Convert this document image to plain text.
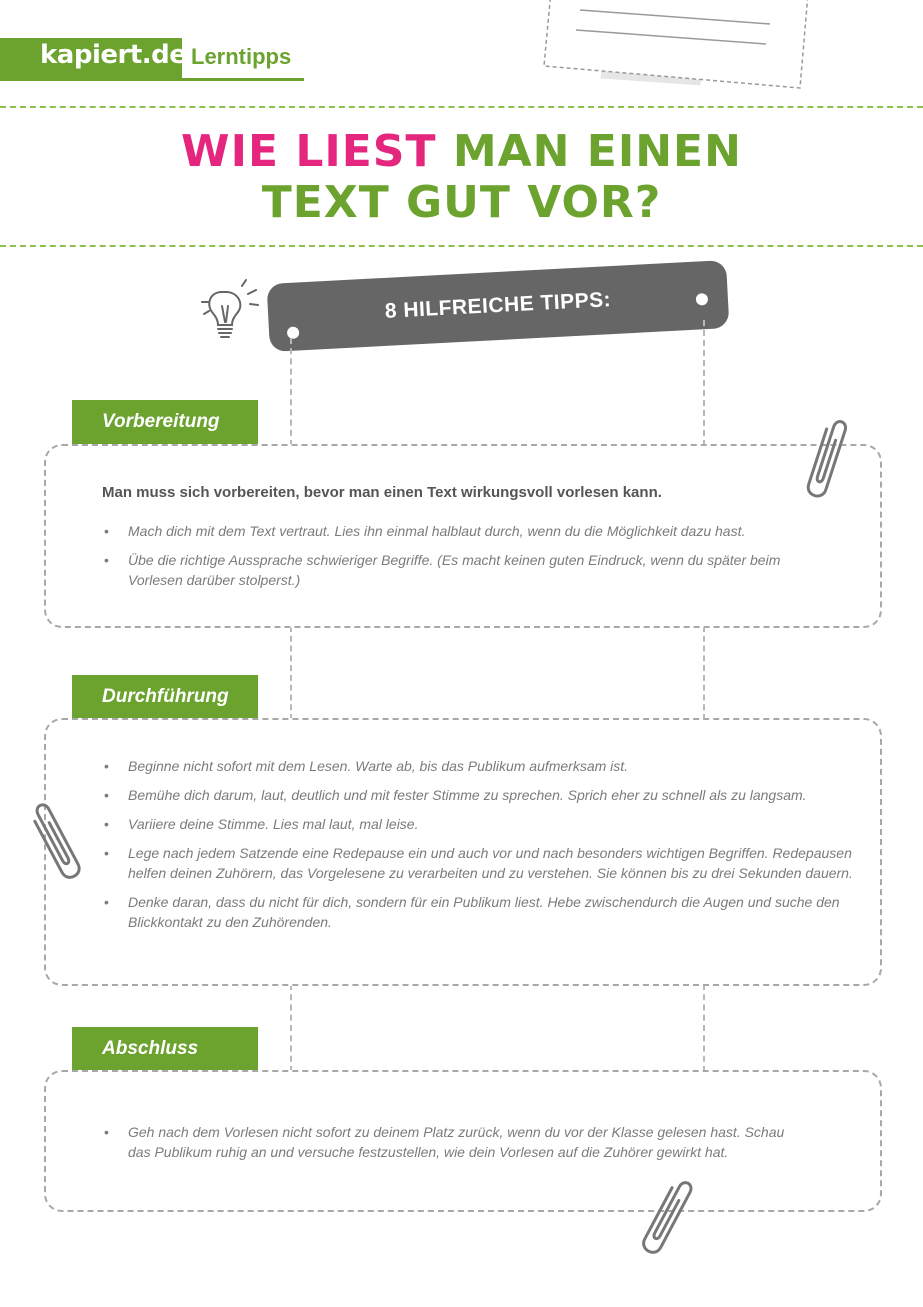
kapiert.de Lerntipps
WIE LIEST MAN EINEN
TEXT GUT VOR?
8 HILFREICHE TIPPS:
Vorbereitung
Man muss sich vorbereiten, bevor man einen Text wirkungsvoll vorlesen kann.
• Mach dich mit dem Text vertraut. Lies ihn einmal halblaut durch, wenn du die Möglichkeit dazu hast.
• Übe die richtige Aussprache schwieriger Begriffe. (Es macht keinen guten Eindruck, wenn du später beim Vorlesen darüber stolperst.)
Durchführung
• Beginne nicht sofort mit dem Lesen. Warte ab, bis das Publikum aufmerksam ist.
• Bemühe dich darum, laut, deutlich und mit fester Stimme zu sprechen. Sprich eher zu schnell als zu langsam.
• Variiere deine Stimme. Lies mal laut, mal leise.
• Lege nach jedem Satzende eine Redepause ein und auch vor und nach besonders wichtigen Begriffen. Redepausen helfen deinen Zuhörern, das Vorgelesene zu verarbeiten und zu verstehen. Sie können bis zu drei Sekunden dauern.
• Denke daran, dass du nicht für dich, sondern für ein Publikum liest. Hebe zwischendurch die Augen und suche den Blickkontakt zu den Zuhörenden.
Abschluss
• Geh nach dem Vorlesen nicht sofort zu deinem Platz zurück, wenn du vor der Klasse gelesen hast. Schau das Publikum ruhig an und versuche festzustellen, wie dein Vorlesen auf die Zuhörer gewirkt hat.
